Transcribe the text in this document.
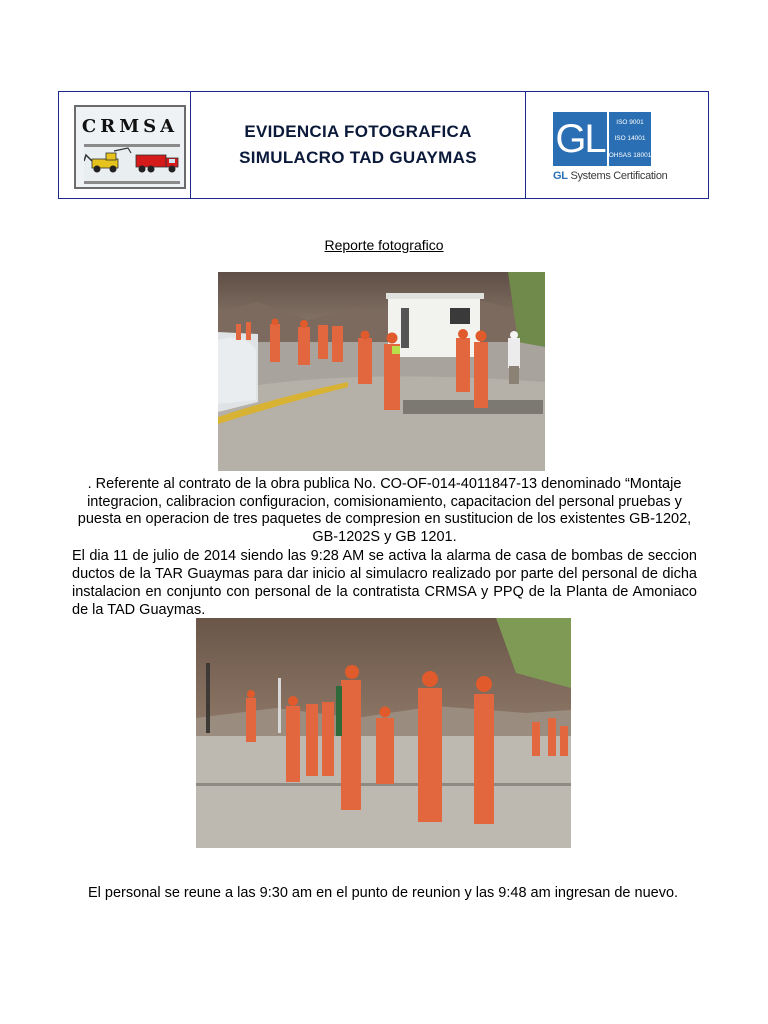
CRMSA	EVIDENCIA FOTOGRAFICA
SIMULACRO TAD GUAYMAS GL	ISO 9001
ISO 14001
OHSAS 18001
GL Systems Certification
Reporte fotografico
. Referente al contrato de la obra publica No. CO-OF-014-4011847-13 denominado “Montaje integracion, calibracion configuracion, comisionamiento, capacitacion del personal pruebas y puesta en operacion de tres paquetes de compresion en sustitucion de los existentes GB-1202, GB-1202S y GB 1201.
El dia 11 de julio de 2014 siendo las 9:28 AM se activa la alarma de casa de bombas de seccion ductos de la TAR Guaymas para dar inicio al simulacro realizado por parte del personal de dicha instalacion en conjunto con personal de la contratista CRMSA y PPQ de la Planta de Amoniaco de la TAD Guaymas.
El personal se reune a las 9:30 am en el punto de reunion y las 9:48 am ingresan de nuevo.
